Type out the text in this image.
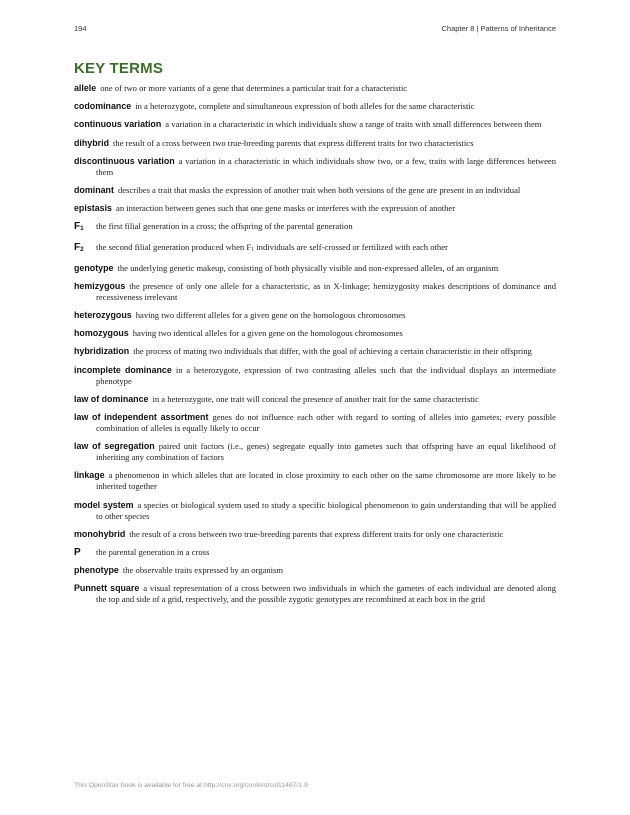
194	Chapter 8 | Patterns of Inheritance
KEY TERMS
allele one of two or more variants of a gene that determines a particular trait for a characteristic
codominance in a heterozygote, complete and simultaneous expression of both alleles for the same characteristic
continuous variation a variation in a characteristic in which individuals show a range of traits with small differences between them
dihybrid the result of a cross between two true-breeding parents that express different traits for two characteristics
discontinuous variation a variation in a characteristic in which individuals show two, or a few, traits with large differences between them
dominant describes a trait that masks the expression of another trait when both versions of the gene are present in an individual
epistasis an interaction between genes such that one gene masks or interferes with the expression of another
$F_1$ the first filial generation in a cross; the offspring of the parental generation
$F_2$ the second filial generation produced when $F_1$ individuals are self-crossed or fertilized with each other
genotype the underlying genetic makeup, consisting of both physically visible and non-expressed alleles, of an organism
hemizygous the presence of only one allele for a characteristic, as in X-linkage; hemizygosity makes descriptions of dominance and recessiveness irrelevant
heterozygous having two different alleles for a given gene on the homologous chromosomes
homozygous having two identical alleles for a given gene on the homologous chromosomes
hybridization the process of mating two individuals that differ, with the goal of achieving a certain characteristic in their offspring
incomplete dominance in a heterozygote, expression of two contrasting alleles such that the individual displays an intermediate phenotype
law of dominance in a heterozygote, one trait will conceal the presence of another trait for the same characteristic
law of independent assortment genes do not influence each other with regard to sorting of alleles into gametes; every possible combination of alleles is equally likely to occur
law of segregation paired unit factors (i.e., genes) segregate equally into gametes such that offspring have an equal likelihood of inheriting any combination of factors
linkage a phenomenon in which alleles that are located in close proximity to each other on the same chromosome are more likely to be inherited together
model system a species or biological system used to study a specific biological phenomenon to gain understanding that will be applied to other species
monohybrid the result of a cross between two true-breeding parents that express different traits for only one characteristic
P the parental generation in a cross
phenotype the observable traits expressed by an organism
Punnett square a visual representation of a cross between two individuals in which the gametes of each individual are denoted along the top and side of a grid, respectively, and the possible zygotic genotypes are recombined at each box in the grid
This OpenStax book is available for free at http://cnx.org/content/col11487/1.9
